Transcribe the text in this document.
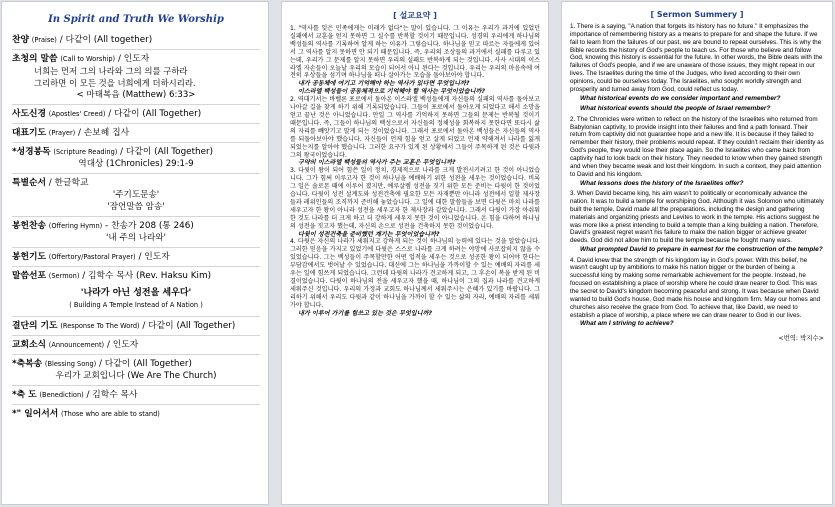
In Spirit and Truth We Worship
찬양 (Praise) / 다같이 (All together)
초청의 말씀 (Call to Worship) / 인도자
너희는 먼저 그의 나라와 그의 의를 구하라
그리하면 이 모든 것을 너희에게 더하시리라.
< 마태복음 (Matthew) 6:33>
사도신경 (Apostles' Creed) / 다같이 (All Together)
대표기도 (Prayer) / 손보혜 집사
*성경봉독 (Scripture Reading) / 다같이 (All Together)
역대상 (1Chronicles) 29:1-9
특별순서 / 한글학교
'주기도문송'
'잠언말씀 암송'
봉헌찬송 (Offering Hymn) - 찬송가 208 (통 246)
'내 주의 나라와'
봉헌기도 (Offertory/Pastoral Prayer) / 인도자
말씀선포 (Sermon) / 김학수 목사 (Rev. Haksu Kim)
'나라가 아닌 성전을 세우다'
( Building A Temple Instead of A Nation )
결단의 기도 (Response To The Word) / 다같이 (All Together)
교회소식 (Announcement) / 인도자
*축복송 (Blessing Song) / 다같이 (All Together)
우리가 교회입니다 (We Are The Church)
*축 도 (Benediction) / 김학수 목사
*" 일어서서 (Those who are able to stand)
[ 설교요약 ]

1. "역사를 잊은 민족에게는 미래가 없다"는 말이 있습니다. 그 이유는 우리가 과거에 있었던 실패에서 교훈을 얻지 못하면 그 실수를 반복할 것이기 때문입니다. 성경의 우리에게 하나님의 백성들의 역사를 기록하여 알게 하는 이유가 그렇습니다. 하나님을 믿고 따르는 자들에게 있어서 그 역사를 알지 못하면 안 되기 때문입니다. 즉, 우리의 조상들의 과거에서 실패를 다루고 있는데, 우리가 그 문제를 알지 못하면 우리의 실패도 반복하게 되는 것입니다. 사사 시대의 이스라엘 자손들이 오늘날 우리의 모습이 되어서 아니 된다는 것입니다. 우리는 우리의 마음속에 여전히 우상들을 섬기며 하나님을 떠나 살아가는 모습을 돌아보아야 합니다.

내가 공동체에 여기고 기억해야 하는 역사가 있다면 무엇입니까?

이스라엘 백성들이 공동체적으로 기억해야 할 역사는 무엇이었습니까?

2. 역대기서는 바벨론 포로에서 돌아온 이스라엘 백성들에게 자신들의 실패의 역사를 돌아보고 나아갈 길을 찾게 하기 위해 기록되었습니다. 그들이 포로에서 돌아오게 되었다고 해서 소망을 얻고 끝난 것은 아니었습니다. 만일 그 역사를 기억하지 못하면 그들의 문제는 반복될 것이기 때문입니다. 즉, 그들이 하나님의 백성으로서 자신들의 정체성을 회복하지 못한다면 또다시 삶의 자리를 빼앗기고 말게 되는 것이었습니다. 그래서 포로에서 돌아온 백성들은 자신들의 역사를 되돌아보아야 했습니다. 자신들이 언제 힘을 얻고 살게 되었고 언제 약해져서 나라를 잃게 되었는지를 알아야 했습니다. 그러한 요구가 있게 된 상황에서 그들이 주목하게 된 것은 다윗과 그의 왕국이었습니다.

구약의 이스라엘 백성들의 역사가 주는 교훈은 무엇입니까?

3. 다윗이 왕이 되어 힘쓴 일이 정치, 경제적으로 나라를 크게 발전시키려고 한 것이 아니었습니다. 그가 힘써 이루고자 한 것이 하나님을 예배하기 위한 성전을 세우는 것이었습니다. 비록 그 일은 솔로몬 때에 이루어 졌지만, 예루살렘 성전을 짓기 위한 모든 준비는 다윗이 한 것이었습니다. 다윗이 성전 설계도와 성전건축에 필요한 모든 자재뿐만 아니라 성전에서 일할 제사장들과 레위인들의 조직까지 준비해 놓았습니다. 그 일에 대한 말씀들을 보면 다윗은 마치 나라를 세우고자 한 왕이 아니라 성전을 세우고자 한 제사장과 같았습니다. 그래서 다윗이 가장 아쉬워한 것도 나라를 더 크게 하고 더 강하게 세우지 못한 것이 아니었습니다. 온 힘을 다하여 하나님의 성전을 짓고자 했는데, 자신의 손으로 성전을 건축하지 못한 것이었습니다.

다윗이 성전건축을 준비했던 계기는 무엇이었습니까?

4. 다윗은 자신의 나라가 세워지고 강하게 되는 것이 하나님의 능력에 있다는 것을 알았습니다. 그러한 믿음을 가지고 있었기에 다윗은 스스로 나라를 크게 하려는 야망에 사로잡히지 않을 수 있었습니다. 그는 백성들이 주목할만한 어떤 업적을 세우는 것으로 성공한 왕이 되어야 한다는 부담감에서도 벗어날 수 있었습니다. 대신에 그는 하나님을 가까이할 수 있는 예배의 자리를 세우는 일에 힘쓰게 되었습니다. 그런데 다윗의 나라가 견고하게 되고, 그 후손이 복을 받게 된 비결이었습니다. 다윗이 하나님의 전을 세우고자 했을 때, 하나님이 그의 집과 나라를 견고하게 세워주신 것입니다. 우리의 가정과 교회도 하나님께서 세워주시는 은혜가 있기를 바랍니다. 그리하기 위해서 우리도 다윗과 같이 하나님을 가까이 할 수 있는 삶의 자리, 예배의 자리를 세워가야 합니다.

내가 이루어 가기를 힘쓰고 있는 것은 무엇입니까?

[ Sermon Summery ]

1. There is a saying, "A nation that forgets its history has no future." It emphasizes the importance of remembering history as a means to prepare for and shape the future. If we fail to learn from the failures of our past, we are bound to repeat ourselves. This is why the Bible records the history of God's people to teach us. For those who believe and follow God, knowing this history is essential for the future. In other words, the Bible deals with the failures of God's people, and if we are unaware of those issues, they might repeat in our lives. The Israelites during the time of the Judges, who lived according to their own opinions, could be ourselves today. The Israelites, who sought worldly strength and prosperity and turned away from God, could reflect us today.

What historical events do we consider important and remember?

What historical events should the people of Israel remember?

2. The Chronicles were written to reflect on the history of the Israelites who returned from Babylonian captivity, to provide insight into their failures and find a path forward. Their return from captivity did not guarantee hope and a new life. It is because if they failed to remember their history, their problems would repeat. If they couldn't reclaim their identity as God's people, they would lose their place again. So the Israelites who came back from captivity had to look back on their history. They needed to know when they gained strength and when they became weak and lost their kingdom. In such a context, they paid attention to David and his kingdom.

What lessons does the history of the Israelites offer?

3. When David became king, his aim wasn't to politically or economically advance the nation. It was to build a temple for worshiping God. Although it was Solomon who ultimately built the temple, David made all the preparations, including the design and gathering materials and organizing priests and Levites to work in the temple. His actions suggest he was more like a priest intending to build a temple than a king building a nation. Therefore, David's greatest regret wasn't his failure to make the nation bigger or achieve greater deeds. God did not allow him to build the temple because he fought many wars.

What prompted David to prepare in earnest for the construction of the temple?

4. David knew that the strength of his kingdom lay in God's power. With this belief, he wasn't caught up by ambitions to make his nation bigger or the burden of being a successful king by making some remarkable achievement for the people. Instead, he focused on establishing a place of worship where he could draw nearer to God. This was the secret to David's kingdom becoming peaceful and strong. It was because when David wanted to build God's house, God made his house and kingdom firm. May our homes and churches also receive the grace from God. To achieve that, like David, we need to establish a place of worship, a place where we can draw nearer to God in our lives.

What am I striving to achieve?

<번역: 박지수>
